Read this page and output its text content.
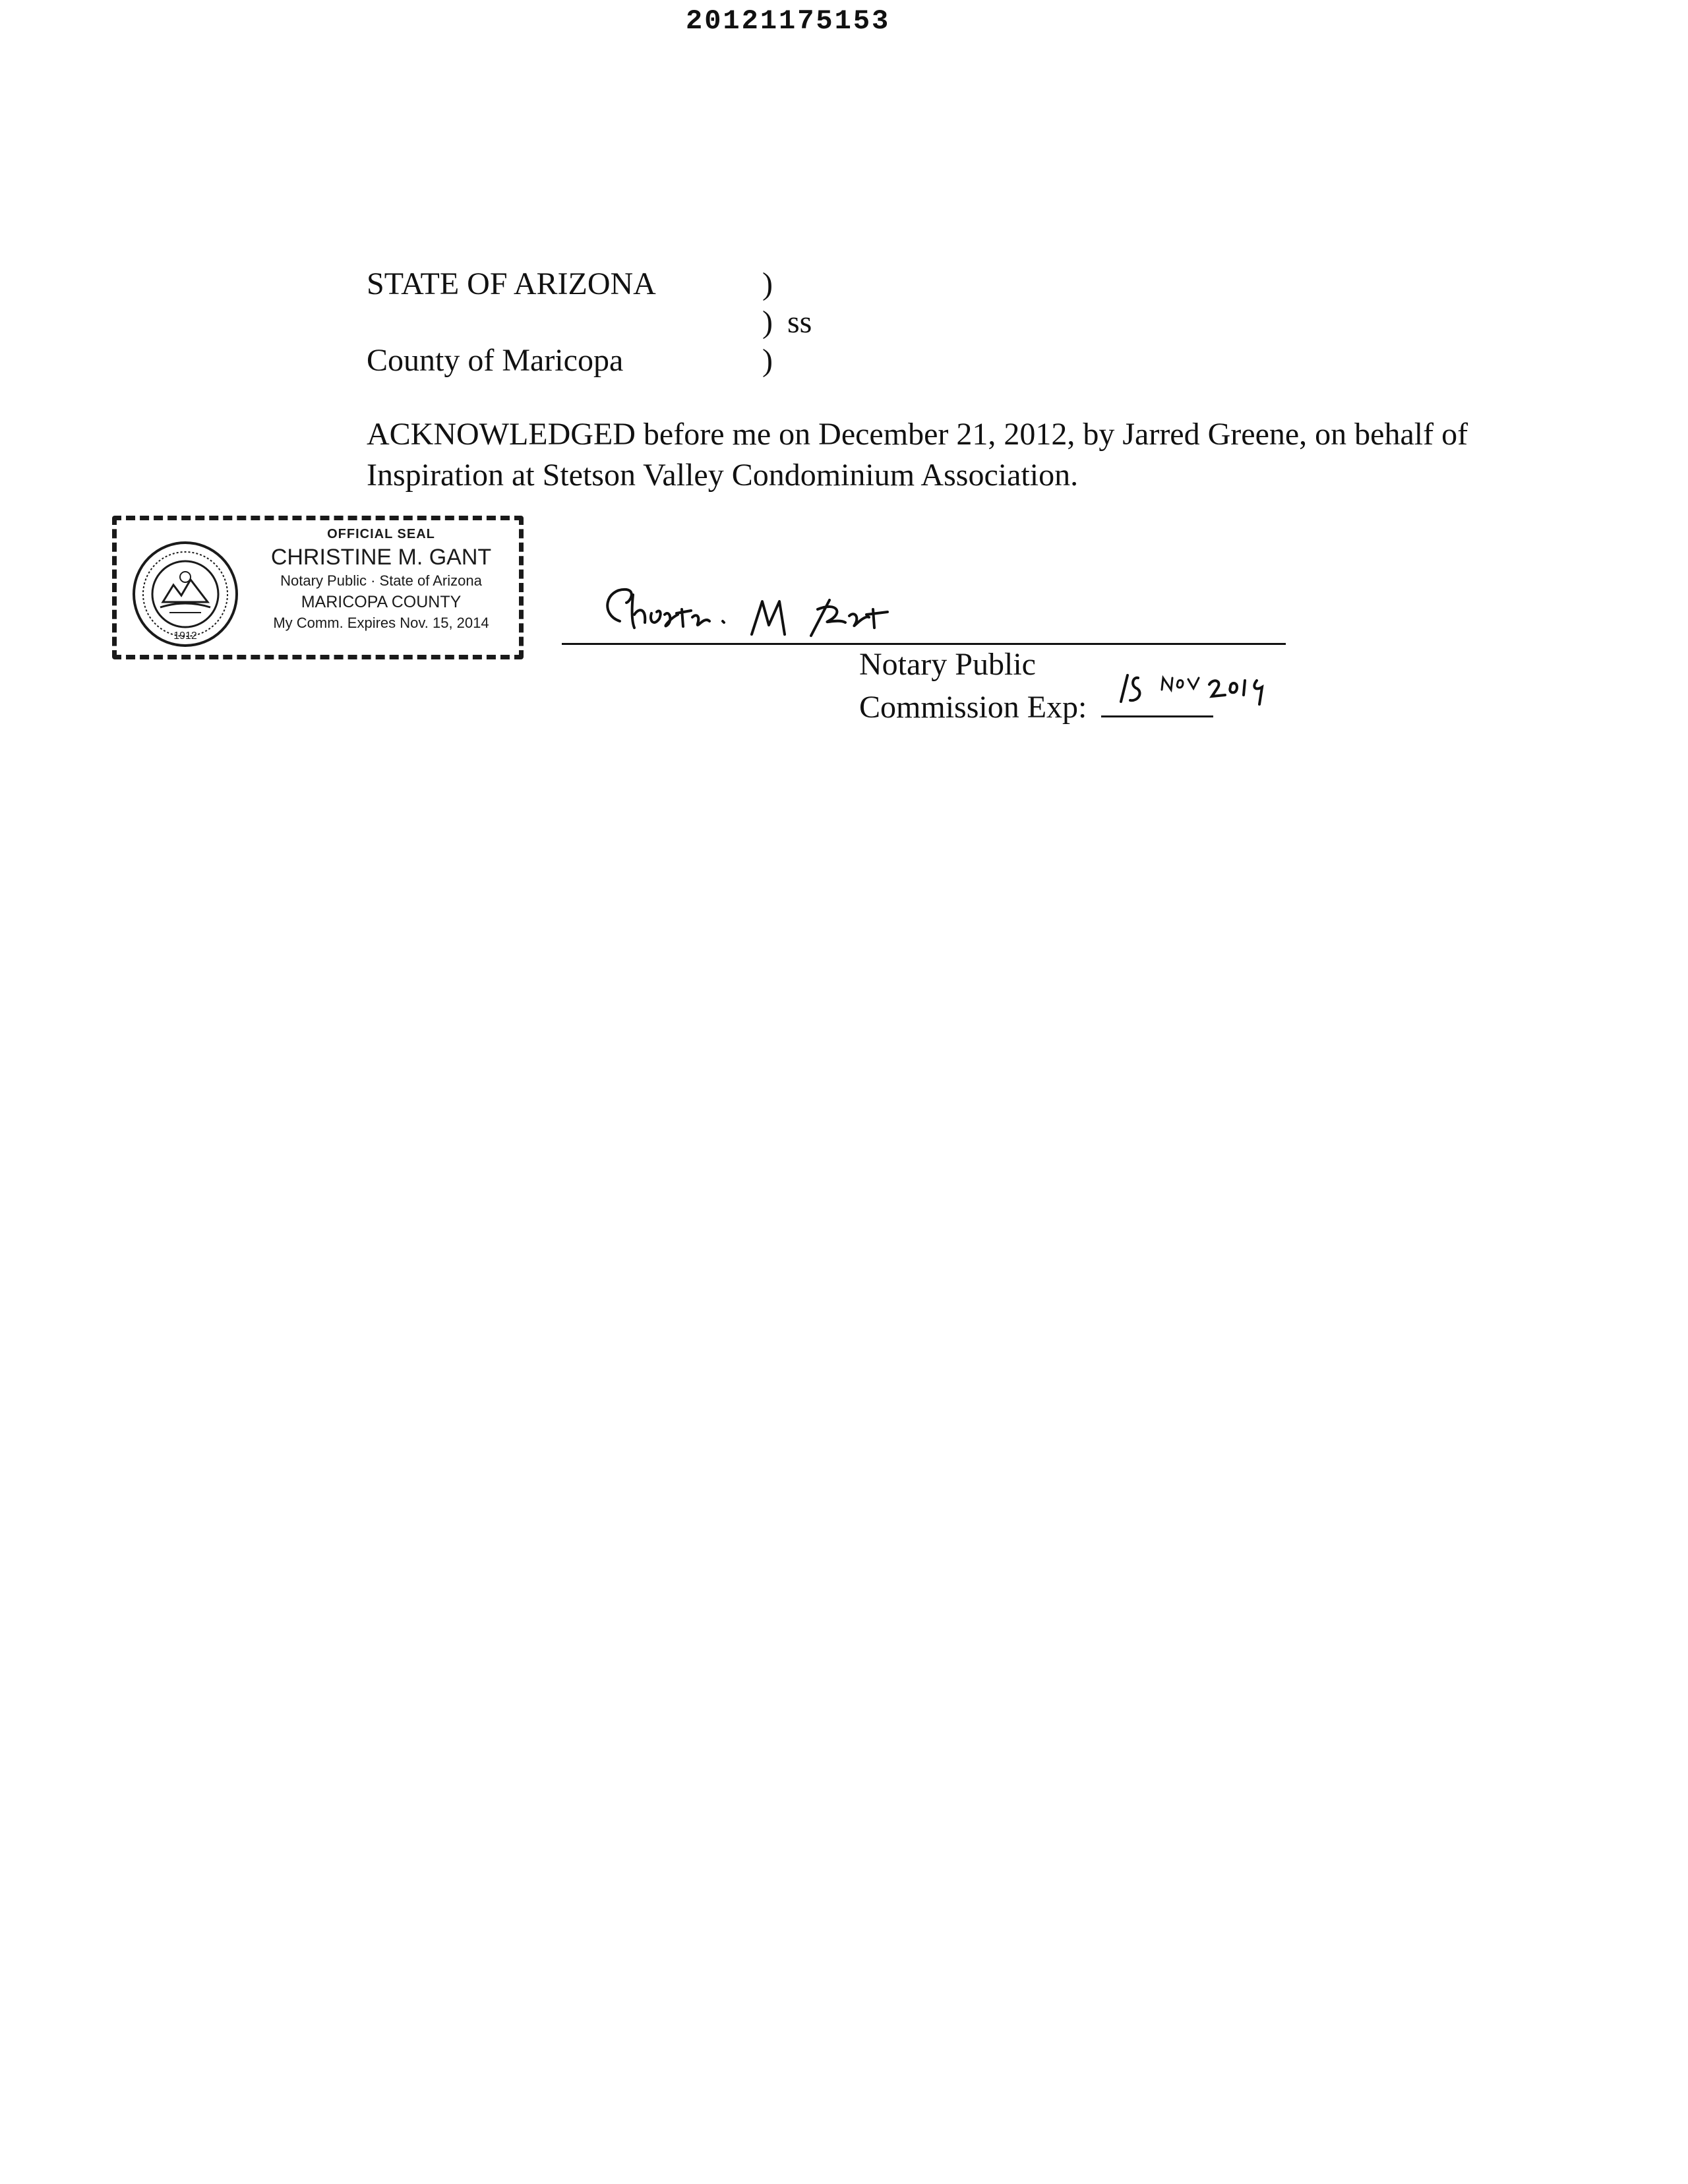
20121175153
STATE OF ARIZONA	)
) ss
County of Maricopa	)
ACKNOWLEDGED before me on December 21, 2012, by Jarred Greene, on behalf of
Inspiration at Stetson Valley Condominium Association.
1912
OFFICIAL SEAL
CHRISTINE M. GANT
Notary Public · State of Arizona
MARICOPA COUNTY
My Comm. Expires Nov. 15, 2014
Christine M Gant
Notary Public
Commission Exp:
15 Nov 2014
